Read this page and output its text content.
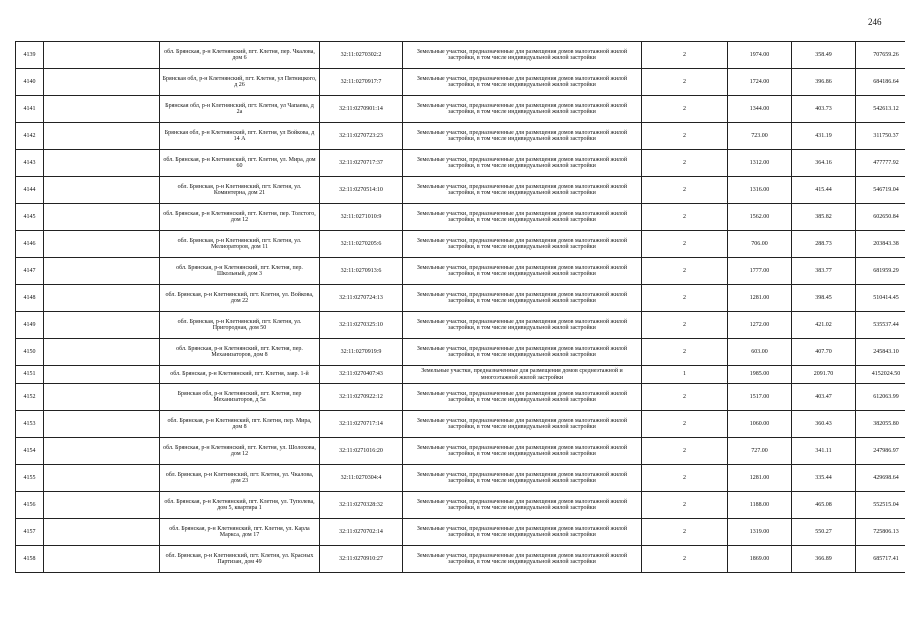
246
4139		обл. Брянская, р-н Клетнянский, пгт. Клетня, пер. Чкалова, дом 6	32:11:0270302:2	Земельные участки, предназначенные для размещения домов малоэтажной жилой застройки, в том числе индивидуальной жилой застройки	2	1974.00	358.49	707659.26
4140		Брянская обл, р-н Клетнянский, пгт. Клетня, ул Пятницкого, д 26	32:11:0270917:7	Земельные участки, предназначенные для размещения домов малоэтажной жилой застройки, в том числе индивидуальной жилой застройки	2	1724.00	396.86	684186.64
4141		Брянская обл, р-н Клетнянский, пгт. Клетня, ул Чапаева, д 2а	32:11:0270901:14	Земельные участки, предназначенные для размещения домов малоэтажной жилой застройки, в том числе индивидуальной жилой застройки	2	1344.00	403.73	542613.12
4142		Брянская обл, р-н Клетнянский, пгт. Клетня, ул Войкова, д 14 А	32:11:0270723:23	Земельные участки, предназначенные для размещения домов малоэтажной жилой застройки, в том числе индивидуальной жилой застройки	2	723.00	431.19	311750.37
4143		обл. Брянская, р-н Клетнянский, пгт. Клетня, ул. Мира, дом 60	32:11:0270717:37	Земельные участки, предназначенные для размещения домов малоэтажной жилой застройки, в том числе индивидуальной жилой застройки	2	1312.00	364.16	477777.92
4144		обл. Брянская, р-н Клетнянский, пгт. Клетня, ул. Коминтерна, дом 21	32:11:0270514:10	Земельные участки, предназначенные для размещения домов малоэтажной жилой застройки, в том числе индивидуальной жилой застройки	2	1316.00	415.44	546719.04
4145		обл. Брянская, р-н Клетнянский, пгт. Клетня, пер. Толстого, дом 12	32:11:0271010:9	Земельные участки, предназначенные для размещения домов малоэтажной жилой застройки, в том числе индивидуальной жилой застройки	2	1562.00	385.82	602650.84
4146		обл. Брянская, р-н Клетнянский, пгт. Клетня, ул. Мелиораторов, дом 11	32:11:0270205:6	Земельные участки, предназначенные для размещения домов малоэтажной жилой застройки, в том числе индивидуальной жилой застройки	2	706.00	288.73	203843.38
4147		обл. Брянская, р-н Клетнянский, пгт. Клетня, пер. Школьный, дом 3	32:11:0270913:6	Земельные участки, предназначенные для размещения домов малоэтажной жилой застройки, в том числе индивидуальной жилой застройки	2	1777.00	383.77	681959.29
4148		обл. Брянская, р-н Клетнянский, пгт. Клетня, ул. Войкова, дом 22	32:11:0270724:13	Земельные участки, предназначенные для размещения домов малоэтажной жилой застройки, в том числе индивидуальной жилой застройки	2	1281.00	398.45	510414.45
4149		обл. Брянская, р-н Клетнянский, пгт. Клетня, ул. Пригородная, дом 50	32:11:0270325:10	Земельные участки, предназначенные для размещения домов малоэтажной жилой застройки, в том числе индивидуальной жилой застройки	2	1272.00	421.02	535537.44
4150		обл. Брянская, р-н Клетнянский, пгт. Клетня, пер. Механизаторов, дом 8	32:11:0270919:9	Земельные участки, предназначенные для размещения домов малоэтажной жилой застройки, в том числе индивидуальной жилой застройки	2	603.00	407.70	245843.10
4151		обл. Брянская, р-н Клетнянский, пгт. Клетня, заяр. 1-й	32:11:0270407:43	Земельные участки, предназначенные для размещения домов среднеэтажной и многоэтажной жилой застройки	1	1985.00	2091.70	4152024.50
4152		Брянская обл, р-н Клетнянский, пгт. Клетня, пер Механизаторов, д 5а	32:11:0270922:12	Земельные участки, предназначенные для размещения домов малоэтажной жилой застройки, в том числе индивидуальной жилой застройки	2	1517.00	403.47	612063.99
4153		обл. Брянская, р-н Клетнянский, пгт. Клетня, пер. Мира, дом 8	32:11:0270717:14	Земельные участки, предназначенные для размещения домов малоэтажной жилой застройки, в том числе индивидуальной жилой застройки	2	1060.00	360.43	382055.80
4154		обл. Брянская, р-н Клетнянский, пгт. Клетня, ул. Шолохова, дом 12	32:11:0271016:20	Земельные участки, предназначенные для размещения домов малоэтажной жилой застройки, в том числе индивидуальной жилой застройки	2	727.00	341.11	247986.97
4155		обл. Брянская, р-н Клетнянский, пгт. Клетня, ул. Чкалова, дом 23	32:11:0270304:4	Земельные участки, предназначенные для размещения домов малоэтажной жилой застройки, в том числе индивидуальной жилой застройки	2	1281.00	335.44	429698.64
4156		обл. Брянская, р-н Клетнянский, пгт. Клетня, ул. Туполева, дом 5, квартира 1	32:11:0270328:32	Земельные участки, предназначенные для размещения домов малоэтажной жилой застройки, в том числе индивидуальной жилой застройки	2	1188.00	465.08	552515.04
4157		обл. Брянская, р-н Клетнянский, пгт. Клетня, ул. Карла Маркса, дом 17	32:11:0270702:14	Земельные участки, предназначенные для размещения домов малоэтажной жилой застройки, в том числе индивидуальной жилой застройки	2	1319.00	550.27	725806.13
4158		обл. Брянская, р-н Клетнянский, пгт. Клетня, ул. Красных Партизан, дом 49	32:11:0270910:27	Земельные участки, предназначенные для размещения домов малоэтажной жилой застройки, в том числе индивидуальной жилой застройки	2	1869.00	366.89	685717.41
